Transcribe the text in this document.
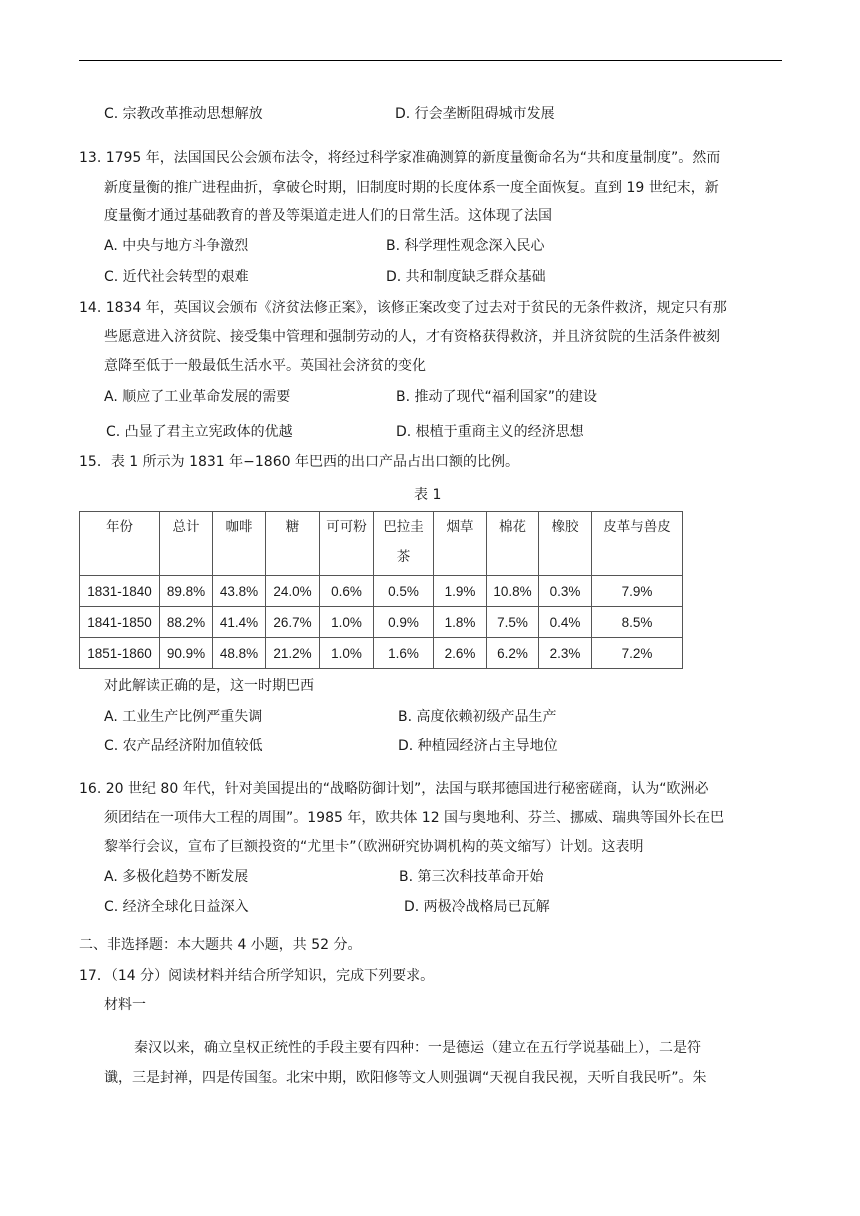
C. 宗教改革推动思想解放	D. 行会垄断阻碍城市发展
13. 1795 年，法国国民公会颁布法令，将经过科学家准确测算的新度量衡命名为“共和度量制度”。然而
新度量衡的推广进程曲折，拿破仑时期，旧制度时期的长度体系一度全面恢复。直到 19 世纪末，新
度量衡才通过基础教育的普及等渠道走进人们的日常生活。这体现了法国
A. 中央与地方斗争激烈	B. 科学理性观念深入民心
C. 近代社会转型的艰难	D. 共和制度缺乏群众基础
14. 1834 年，英国议会颁布《济贫法修正案》，该修正案改变了过去对于贫民的无条件救济，规定只有那
些愿意进入济贫院、接受集中管理和强制劳动的人，才有资格获得救济，并且济贫院的生活条件被刻
意降至低于一般最低生活水平。英国社会济贫的变化
A. 顺应了工业革命发展的需要	B. 推动了现代“福利国家”的建设
C. 凸显了君主立宪政体的优越	D. 根植于重商主义的经济思想
15．表 1 所示为 1831 年−1860 年巴西的出口产品占出口额的比例。
表 1
年份	总计	咖啡	糖	可可粉	巴拉圭茶	烟草	棉花	橡胶	皮革与兽皮
1831-1840	89.8%	43.8%	24.0%	0.6%	0.5%	1.9%	10.8%	0.3%	7.9%
1841-1850	88.2%	41.4%	26.7%	1.0%	0.9%	1.8%	7.5%	0.4%	8.5%
1851-1860	90.9%	48.8%	21.2%	1.0%	1.6%	2.6%	6.2%	2.3%	7.2%
对此解读正确的是，这一时期巴西
A. 工业生产比例严重失调	B. 高度依赖初级产品生产
C. 农产品经济附加值较低	D. 种植园经济占主导地位
16. 20 世纪 80 年代，针对美国提出的“战略防御计划”，法国与联邦德国进行秘密磋商，认为“欧洲必
须团结在一项伟大工程的周围”。1985 年，欧共体 12 国与奥地利、芬兰、挪威、瑞典等国外长在巴
黎举行会议，宣布了巨额投资的“尤里卡”（欧洲研究协调机构的英文缩写）计划。这表明
A. 多极化趋势不断发展	B. 第三次科技革命开始
C. 经济全球化日益深入	D. 两极冷战格局已瓦解
二、非选择题：本大题共 4 小题，共 52 分。
17．（14 分）阅读材料并结合所学知识，完成下列要求。
材料一
秦汉以来，确立皇权正统性的手段主要有四种：一是德运（建立在五行学说基础上），二是符
谶，三是封禅，四是传国玺。北宋中期，欧阳修等文人则强调“天视自我民视，天听自我民听”。朱
